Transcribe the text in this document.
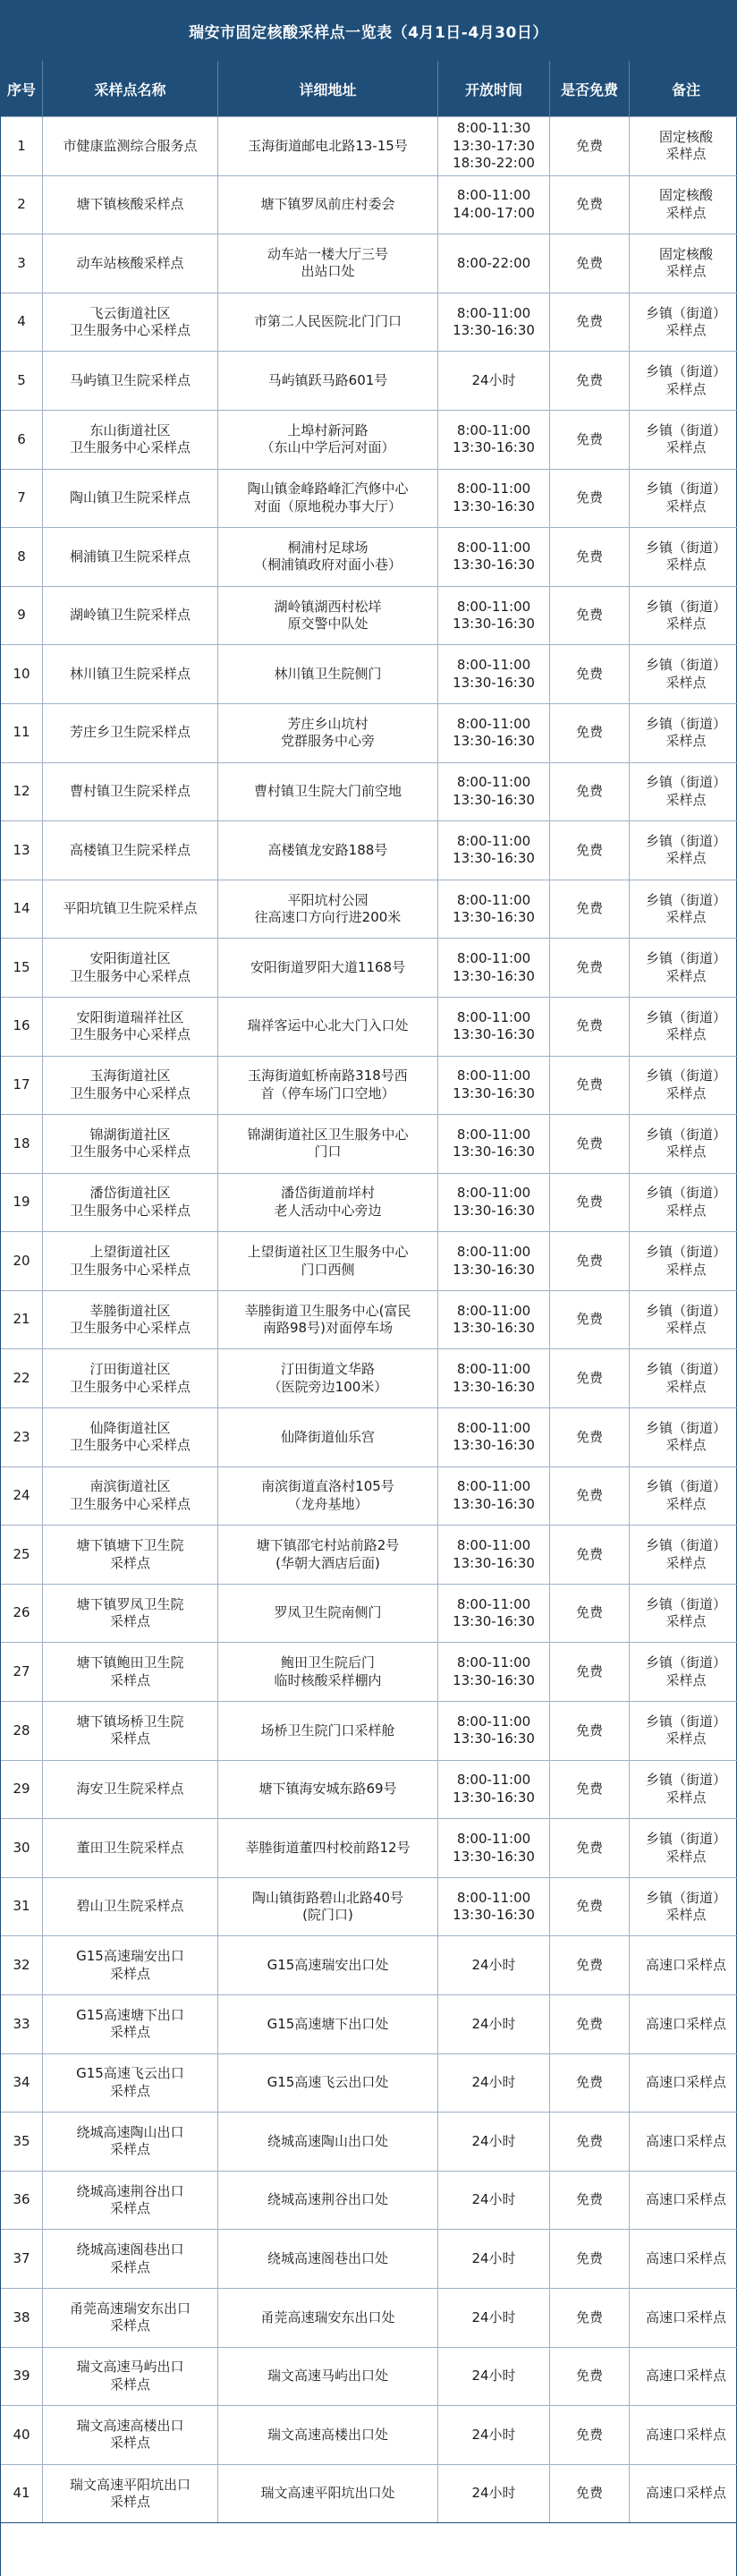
瑞安市固定核酸采样点一览表（4月1日-4月30日）
序号	采样点名称	详细地址	开放时间	是否免费	备注
1	市健康监测综合服务点	玉海街道邮电北路13-15号	8:00-11:30
13:30-17:30
18:30-22:00	免费	固定核酸
采样点
2	塘下镇核酸采样点	塘下镇罗凤前庄村委会	8:00-11:00
14:00-17:00	免费	固定核酸
采样点
3	动车站核酸采样点	动车站一楼大厅三号
出站口处	8:00-22:00	免费	固定核酸
采样点
4	飞云街道社区
卫生服务中心采样点	市第二人民医院北门门口	8:00-11:00
13:30-16:30	免费	乡镇（街道）
采样点
5	马屿镇卫生院采样点	马屿镇跃马路601号	24小时	免费	乡镇（街道）
采样点
6	东山街道社区
卫生服务中心采样点	上埠村新河路
（东山中学后河对面）	8:00-11:00
13:30-16:30	免费	乡镇（街道）
采样点
7	陶山镇卫生院采样点	陶山镇金峰路峰汇汽修中心
对面（原地税办事大厅）	8:00-11:00
13:30-16:30	免费	乡镇（街道）
采样点
8	桐浦镇卫生院采样点	桐浦村足球场
（桐浦镇政府对面小巷）	8:00-11:00
13:30-16:30	免费	乡镇（街道）
采样点
9	湖岭镇卫生院采样点	湖岭镇湖西村松垟
原交警中队处	8:00-11:00
13:30-16:30	免费	乡镇（街道）
采样点
10	林川镇卫生院采样点	林川镇卫生院侧门	8:00-11:00
13:30-16:30	免费	乡镇（街道）
采样点
11	芳庄乡卫生院采样点	芳庄乡山坑村
党群服务中心旁	8:00-11:00
13:30-16:30	免费	乡镇（街道）
采样点
12	曹村镇卫生院采样点	曹村镇卫生院大门前空地	8:00-11:00
13:30-16:30	免费	乡镇（街道）
采样点
13	高楼镇卫生院采样点	高楼镇龙安路188号	8:00-11:00
13:30-16:30	免费	乡镇（街道）
采样点
14	平阳坑镇卫生院采样点	平阳坑村公园
往高速口方向行进200米	8:00-11:00
13:30-16:30	免费	乡镇（街道）
采样点
15	安阳街道社区
卫生服务中心采样点	安阳街道罗阳大道1168号	8:00-11:00
13:30-16:30	免费	乡镇（街道）
采样点
16	安阳街道瑞祥社区
卫生服务中心采样点	瑞祥客运中心北大门入口处	8:00-11:00
13:30-16:30	免费	乡镇（街道）
采样点
17	玉海街道社区
卫生服务中心采样点	玉海街道虹桥南路318号西
首（停车场门口空地）	8:00-11:00
13:30-16:30	免费	乡镇（街道）
采样点
18	锦湖街道社区
卫生服务中心采样点	锦湖街道社区卫生服务中心
门口	8:00-11:00
13:30-16:30	免费	乡镇（街道）
采样点
19	潘岱街道社区
卫生服务中心采样点	潘岱街道前垟村
老人活动中心旁边	8:00-11:00
13:30-16:30	免费	乡镇（街道）
采样点
20	上望街道社区
卫生服务中心采样点	上望街道社区卫生服务中心
门口西侧	8:00-11:00
13:30-16:30	免费	乡镇（街道）
采样点
21	莘塍街道社区
卫生服务中心采样点	莘塍街道卫生服务中心(富民
南路98号)对面停车场	8:00-11:00
13:30-16:30	免费	乡镇（街道）
采样点
22	汀田街道社区
卫生服务中心采样点	汀田街道文华路
（医院旁边100米）	8:00-11:00
13:30-16:30	免费	乡镇（街道）
采样点
23	仙降街道社区
卫生服务中心采样点	仙降街道仙乐宫	8:00-11:00
13:30-16:30	免费	乡镇（街道）
采样点
24	南滨街道社区
卫生服务中心采样点	南滨街道直洛村105号
（龙舟基地）	8:00-11:00
13:30-16:30	免费	乡镇（街道）
采样点
25	塘下镇塘下卫生院
采样点	塘下镇邵宅村站前路2号
(华朝大酒店后面)	8:00-11:00
13:30-16:30	免费	乡镇（街道）
采样点
26	塘下镇罗凤卫生院
采样点	罗凤卫生院南侧门	8:00-11:00
13:30-16:30	免费	乡镇（街道）
采样点
27	塘下镇鲍田卫生院
采样点	鲍田卫生院后门
临时核酸采样棚内	8:00-11:00
13:30-16:30	免费	乡镇（街道）
采样点
28	塘下镇场桥卫生院
采样点	场桥卫生院门口采样舱	8:00-11:00
13:30-16:30	免费	乡镇（街道）
采样点
29	海安卫生院采样点	塘下镇海安城东路69号	8:00-11:00
13:30-16:30	免费	乡镇（街道）
采样点
30	董田卫生院采样点	莘塍街道董四村校前路12号	8:00-11:00
13:30-16:30	免费	乡镇（街道）
采样点
31	碧山卫生院采样点	陶山镇街路碧山北路40号
(院门口)	8:00-11:00
13:30-16:30	免费	乡镇（街道）
采样点
32	G15高速瑞安出口
采样点	G15高速瑞安出口处	24小时	免费	高速口采样点
33	G15高速塘下出口
采样点	G15高速塘下出口处	24小时	免费	高速口采样点
34	G15高速飞云出口
采样点	G15高速飞云出口处	24小时	免费	高速口采样点
35	绕城高速陶山出口
采样点	绕城高速陶山出口处	24小时	免费	高速口采样点
36	绕城高速荆谷出口
采样点	绕城高速荆谷出口处	24小时	免费	高速口采样点
37	绕城高速阁巷出口
采样点	绕城高速阁巷出口处	24小时	免费	高速口采样点
38	甬莞高速瑞安东出口
采样点	甬莞高速瑞安东出口处	24小时	免费	高速口采样点
39	瑞文高速马屿出口
采样点	瑞文高速马屿出口处	24小时	免费	高速口采样点
40	瑞文高速高楼出口
采样点	瑞文高速高楼出口处	24小时	免费	高速口采样点
41	瑞文高速平阳坑出口
采样点	瑞文高速平阳坑出口处	24小时	免费	高速口采样点
